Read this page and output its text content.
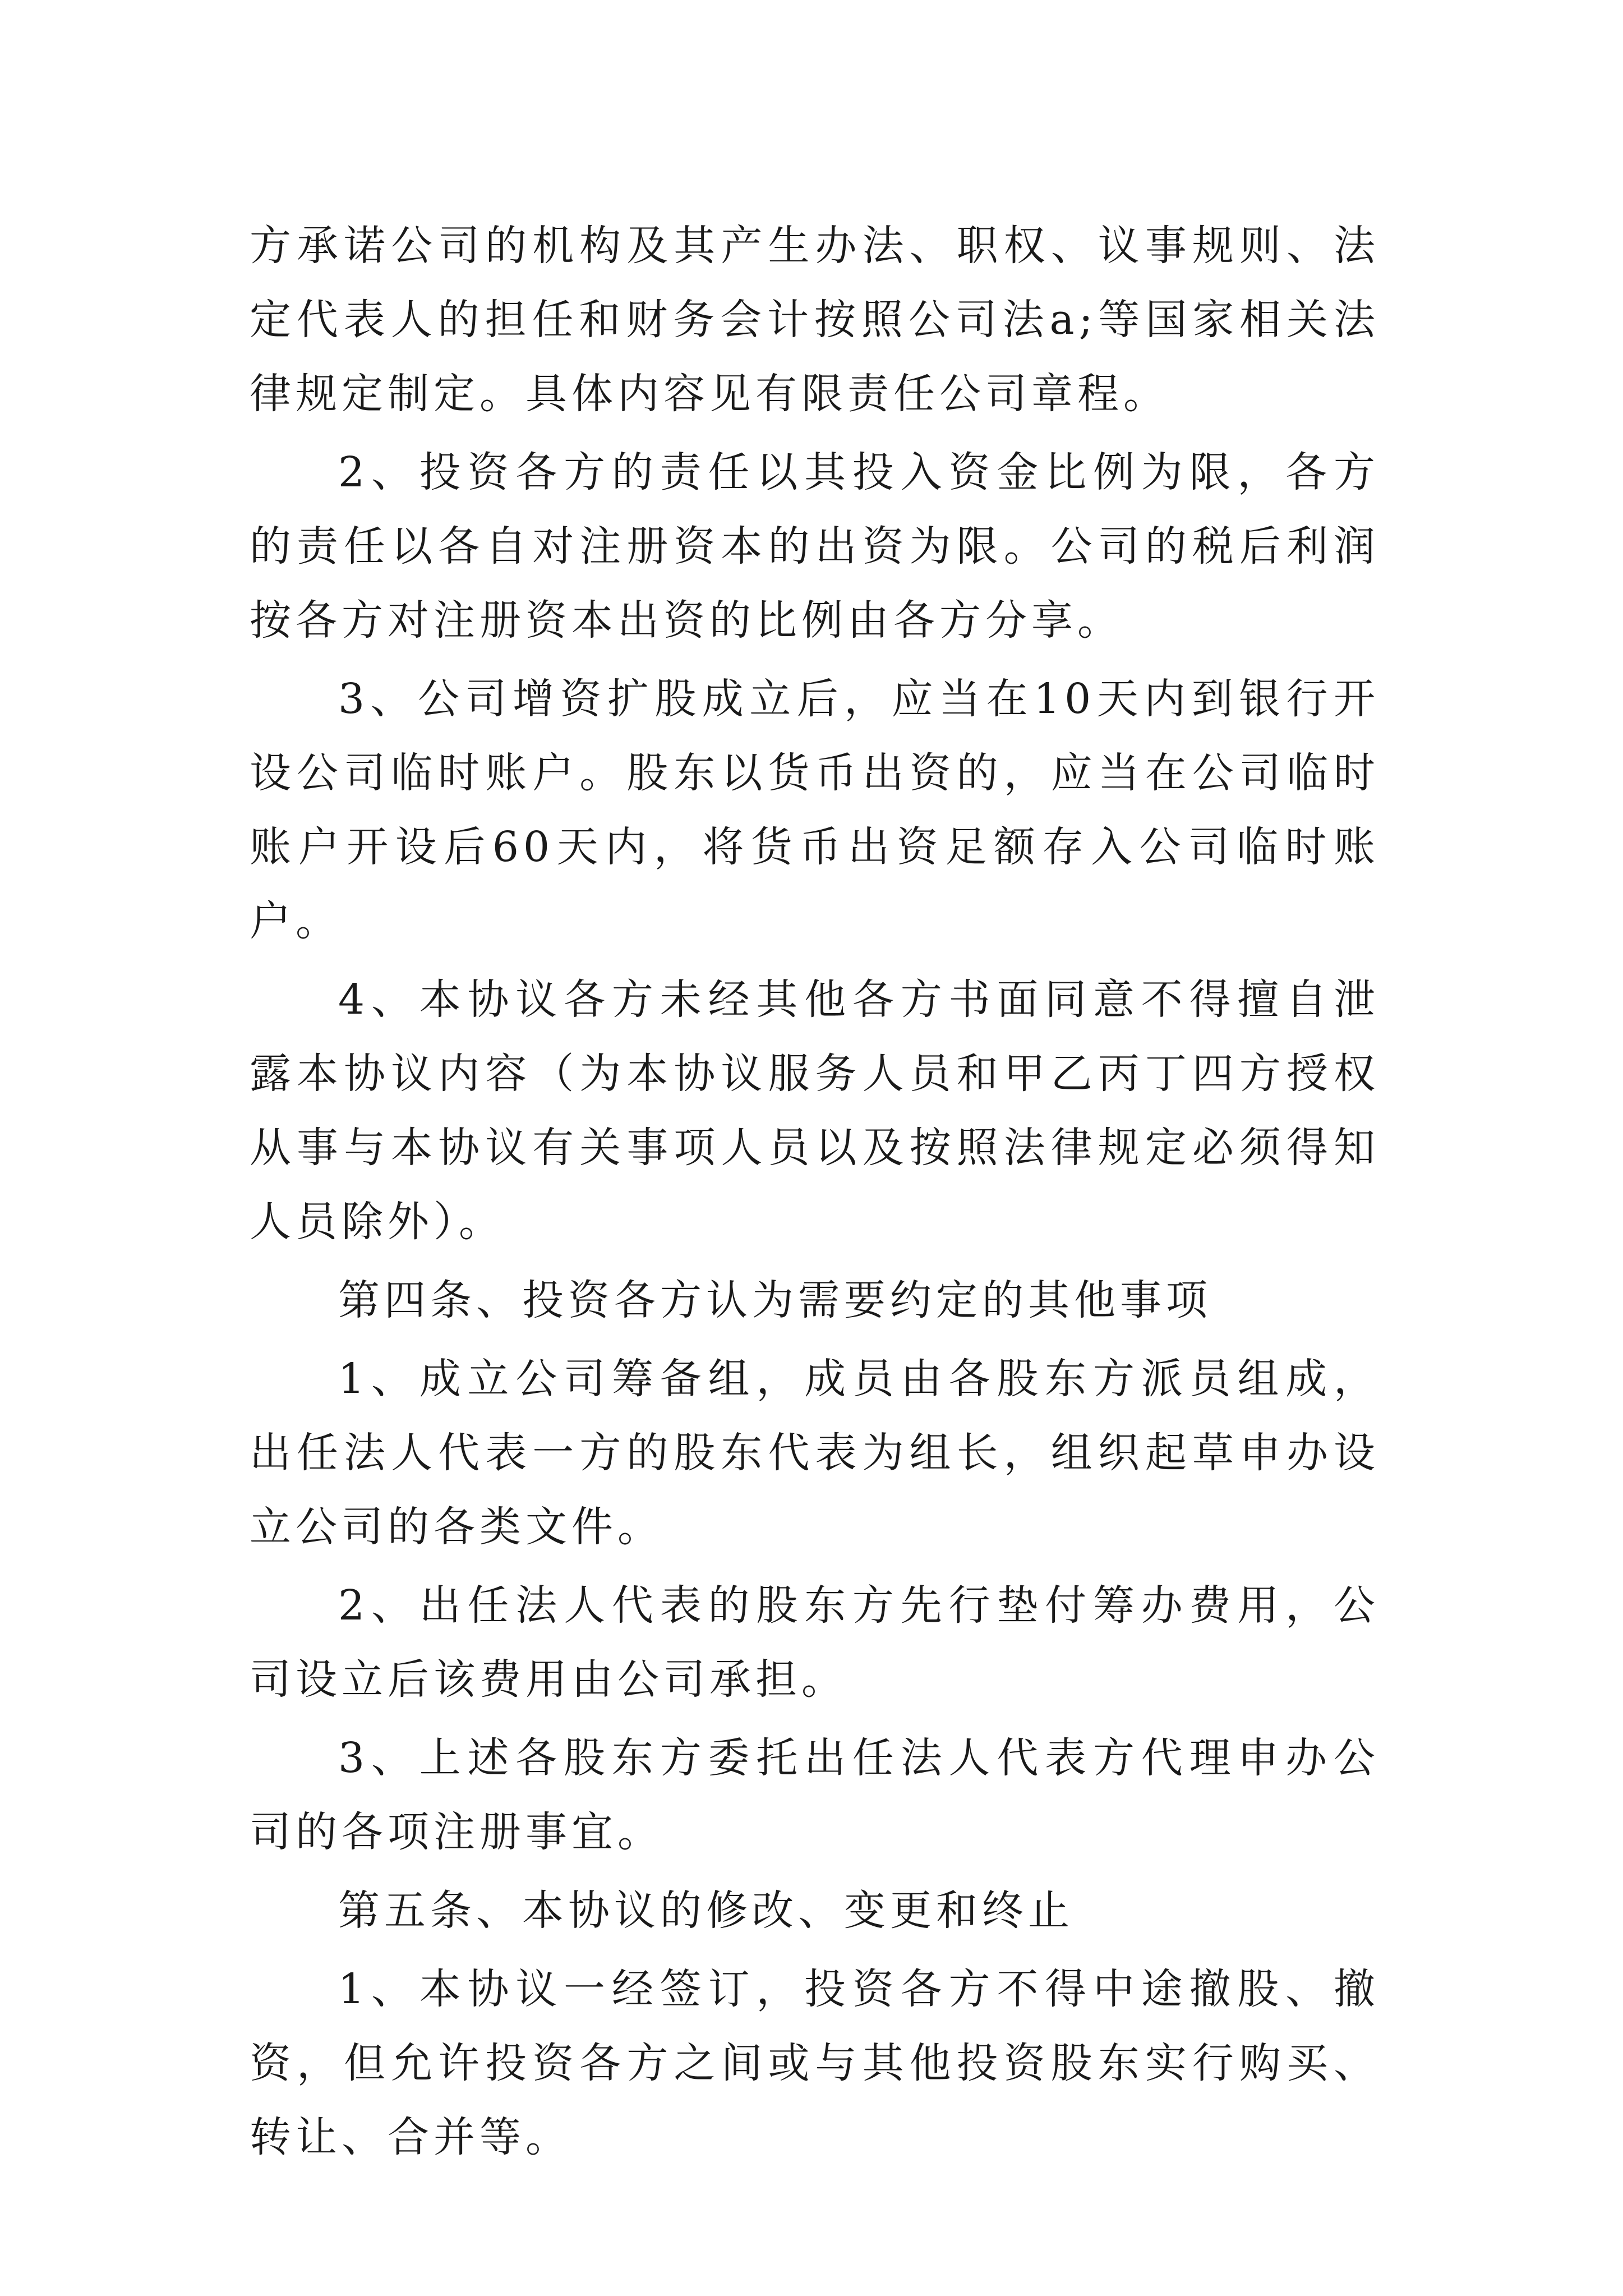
方承诺公司的机构及其产生办法、职权、议事规则、法定代表人的担任和财务会计按照公司法a;等国家相关法律规定制定。具体内容见有限责任公司章程。

2、投资各方的责任以其投入资金比例为限，各方的责任以各自对注册资本的出资为限。公司的税后利润按各方对注册资本出资的比例由各方分享。

3、公司增资扩股成立后，应当在10天内到银行开设公司临时账户。股东以货币出资的，应当在公司临时账户开设后60天内，将货币出资足额存入公司临时账户。

4、本协议各方未经其他各方书面同意不得擅自泄露本协议内容（为本协议服务人员和甲乙丙丁四方授权从事与本协议有关事项人员以及按照法律规定必须得知人员除外）。

第四条、投资各方认为需要约定的其他事项

1、成立公司筹备组，成员由各股东方派员组成，出任法人代表一方的股东代表为组长，组织起草申办设立公司的各类文件。

2、出任法人代表的股东方先行垫付筹办费用，公司设立后该费用由公司承担。

3、上述各股东方委托出任法人代表方代理申办公司的各项注册事宜。

第五条、本协议的修改、变更和终止

1、本协议一经签订，投资各方不得中途撤股、撤资，但允许投资各方之间或与其他投资股东实行购买、转让、合并等。
